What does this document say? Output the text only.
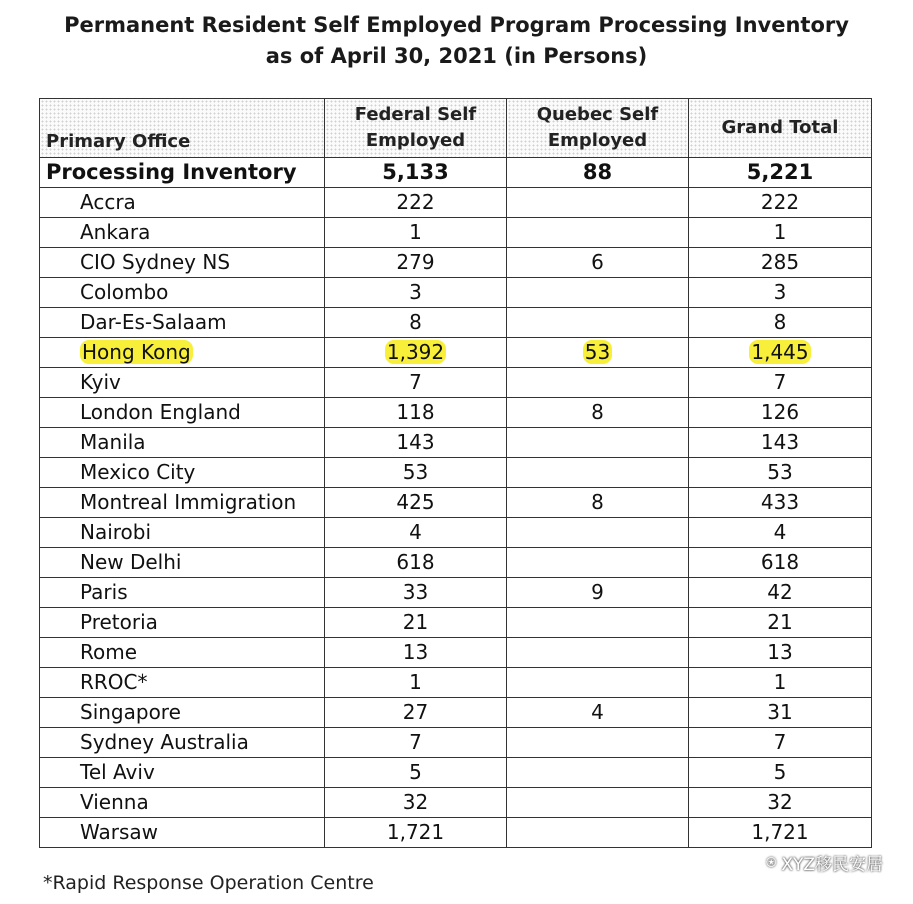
Permanent Resident Self Employed Program Processing Inventory
as of April 30, 2021 (in Persons)
Primary Office	Federal Self Employed	Quebec Self Employed	Grand Total
Processing Inventory	5,133	88	5,221
Accra	222		222
Ankara	1		1
CIO Sydney NS	279	6	285
Colombo	3		3
Dar-Es-Salaam	8		8
Hong Kong	1,392	53	1,445
Kyiv	7		7
London England	118	8	126
Manila	143		143
Mexico City	53		53
Montreal Immigration	425	8	433
Nairobi	4		4
New Delhi	618		618
Paris	33	9	42
Pretoria	21		21
Rome	13		13
RROC*	1		1
Singapore	27	4	31
Sydney Australia	7		7
Tel Aviv	5		5
Vienna	32		32
Warsaw	1,721		1,721
*Rapid Response Operation Centre
⍟ XYZ移民安居
